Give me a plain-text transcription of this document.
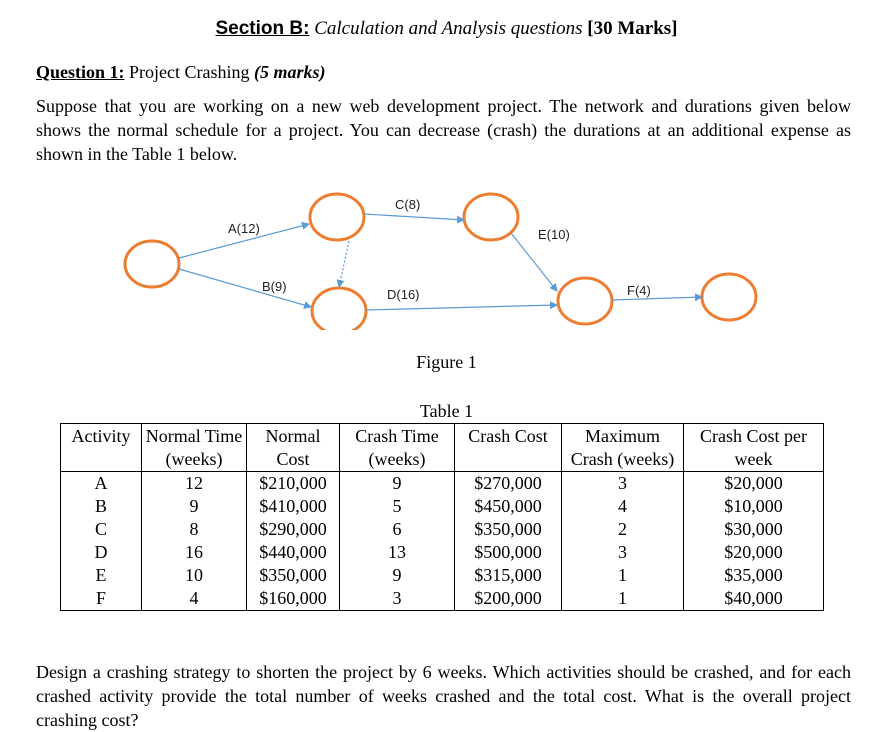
Section B: Calculation and Analysis questions [30 Marks]
Question 1: Project Crashing (5 marks)
Suppose that you are working on a new web development project. The network and durations given below shows the normal schedule for a project. You can decrease (crash) the durations at an additional expense as shown in the Table 1 below.
A(12)
B(9)
C(8)
D(16)
E(10)
F(4)
Figure 1
Table 1
Activity	Normal Time (weeks)	Normal Cost	Crash Time (weeks)	Crash Cost	Maximum Crash (weeks)	Crash Cost per week
A	12	$210,000	9	$270,000	3	$20,000
B	9	$410,000	5	$450,000	4	$10,000
C	8	$290,000	6	$350,000	2	$30,000
D	16	$440,000	13	$500,000	3	$20,000
E	10	$350,000	9	$315,000	1	$35,000
F	4	$160,000	3	$200,000	1	$40,000
Design a crashing strategy to shorten the project by 6 weeks. Which activities should be crashed, and for each crashed activity provide the total number of weeks crashed and the total cost. What is the overall project crashing cost?
